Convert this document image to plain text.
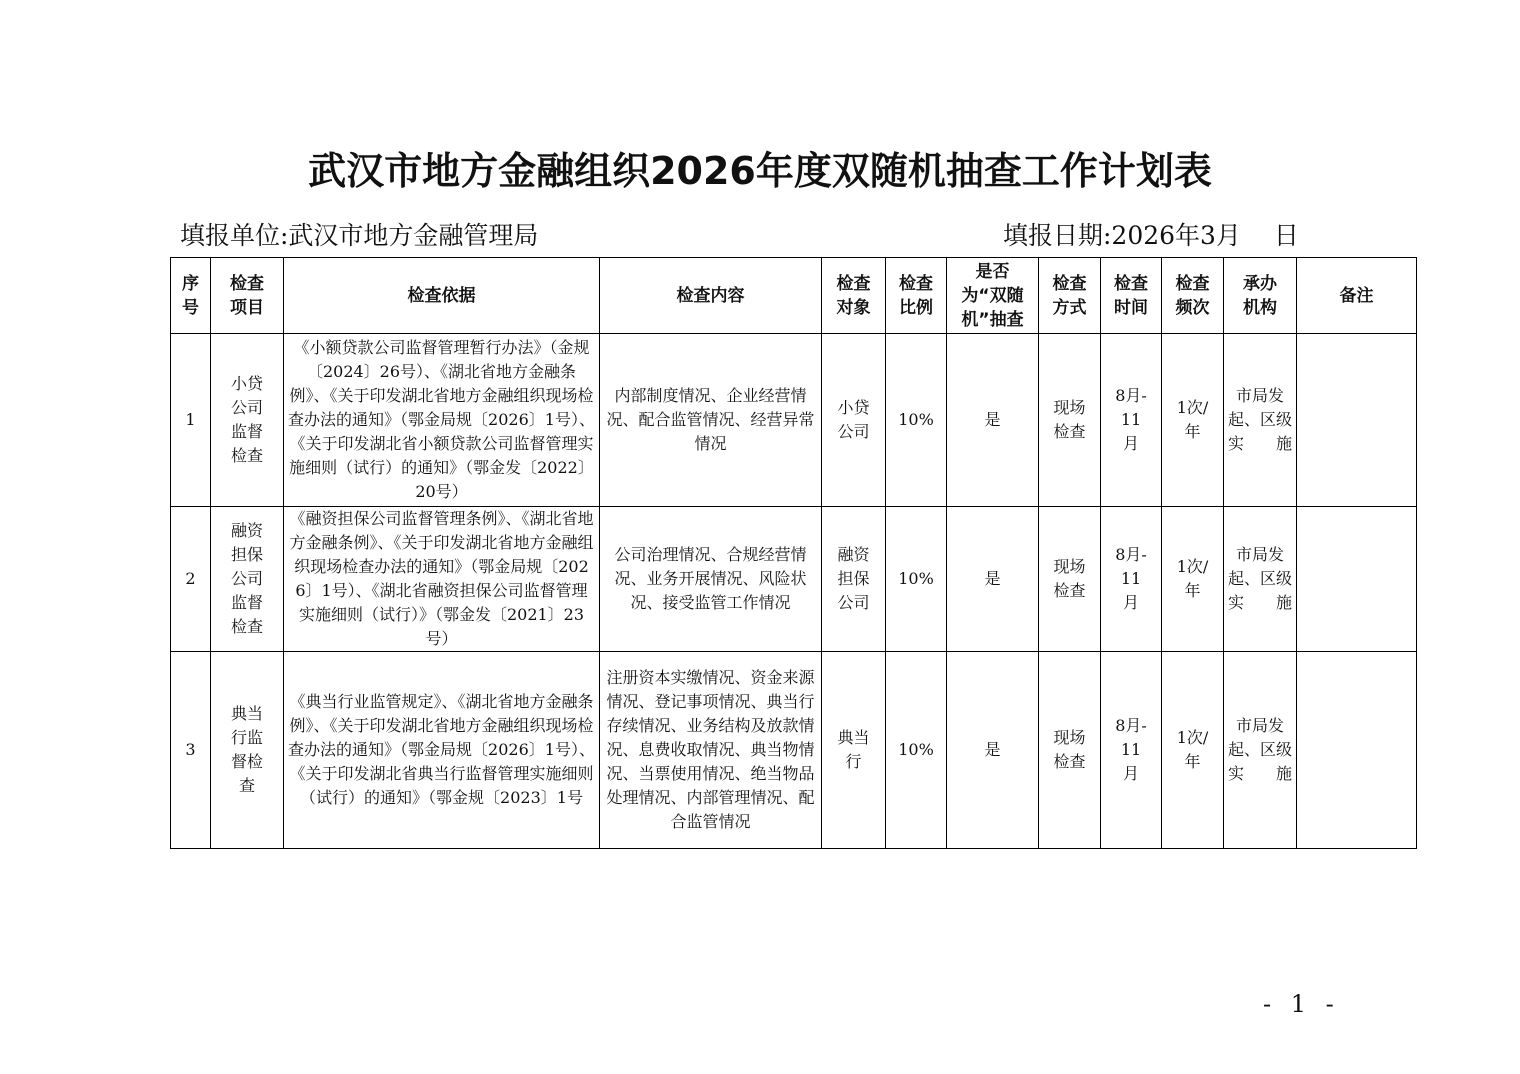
武汉市地方金融组织2026年度双随机抽查工作计划表
填报单位:武汉市地方金融管理局	填报日期:2026年3月　 日
序号	检查项目	检查依据	检查内容	检查对象	检查比例	是否为“双随机”抽查	检查方式	检查时间	检查频次	承办机构	备注
1	小贷公司监督检查	《小额贷款公司监督管理暂行办法》（金规〔2024〕26号）、《湖北省地方金融条例》、《关于印发湖北省地方金融组织现场检查办法的通知》（鄂金局规〔2026〕1号）、《关于印发湖北省小额贷款公司监督管理实施细则（试行）的通知》（鄂金发〔2022〕20号）	内部制度情况、企业经营情况、配合监管情况、经营异常情况	小贷公司	10%	是	现场检查	8月-11月	1次/年	市局发起、区级实施	
2	融资担保公司监督检查	《融资担保公司监督管理条例》、《湖北省地方金融条例》、《关于印发湖北省地方金融组织现场检查办法的通知》（鄂金局规〔2026〕1号）、《湖北省融资担保公司监督管理实施细则（试行）》（鄂金发〔2021〕23 号）	公司治理情况、合规经营情况、业务开展情况、风险状况、接受监管工作情况	融资担保公司	10%	是	现场检查	8月-11月	1次/年	市局发起、区级实施	
3	典当行监督检查	《典当行业监管规定》、《湖北省地方金融条例》、《关于印发湖北省地方金融组织现场检查办法的通知》（鄂金局规〔2026〕1号）、《关于印发湖北省典当行监督管理实施细则（试行）的通知》（鄂金规〔2023〕1号	注册资本实缴情况、资金来源情况、登记事项情况、典当行存续情况、业务结构及放款情况、息费收取情况、典当物情况、当票使用情况、绝当物品处理情况、内部管理情况、配合监管情况	典当行	10%	是	现场检查	8月-11月	1次/年	市局发起、区级实施	
- 1 -
